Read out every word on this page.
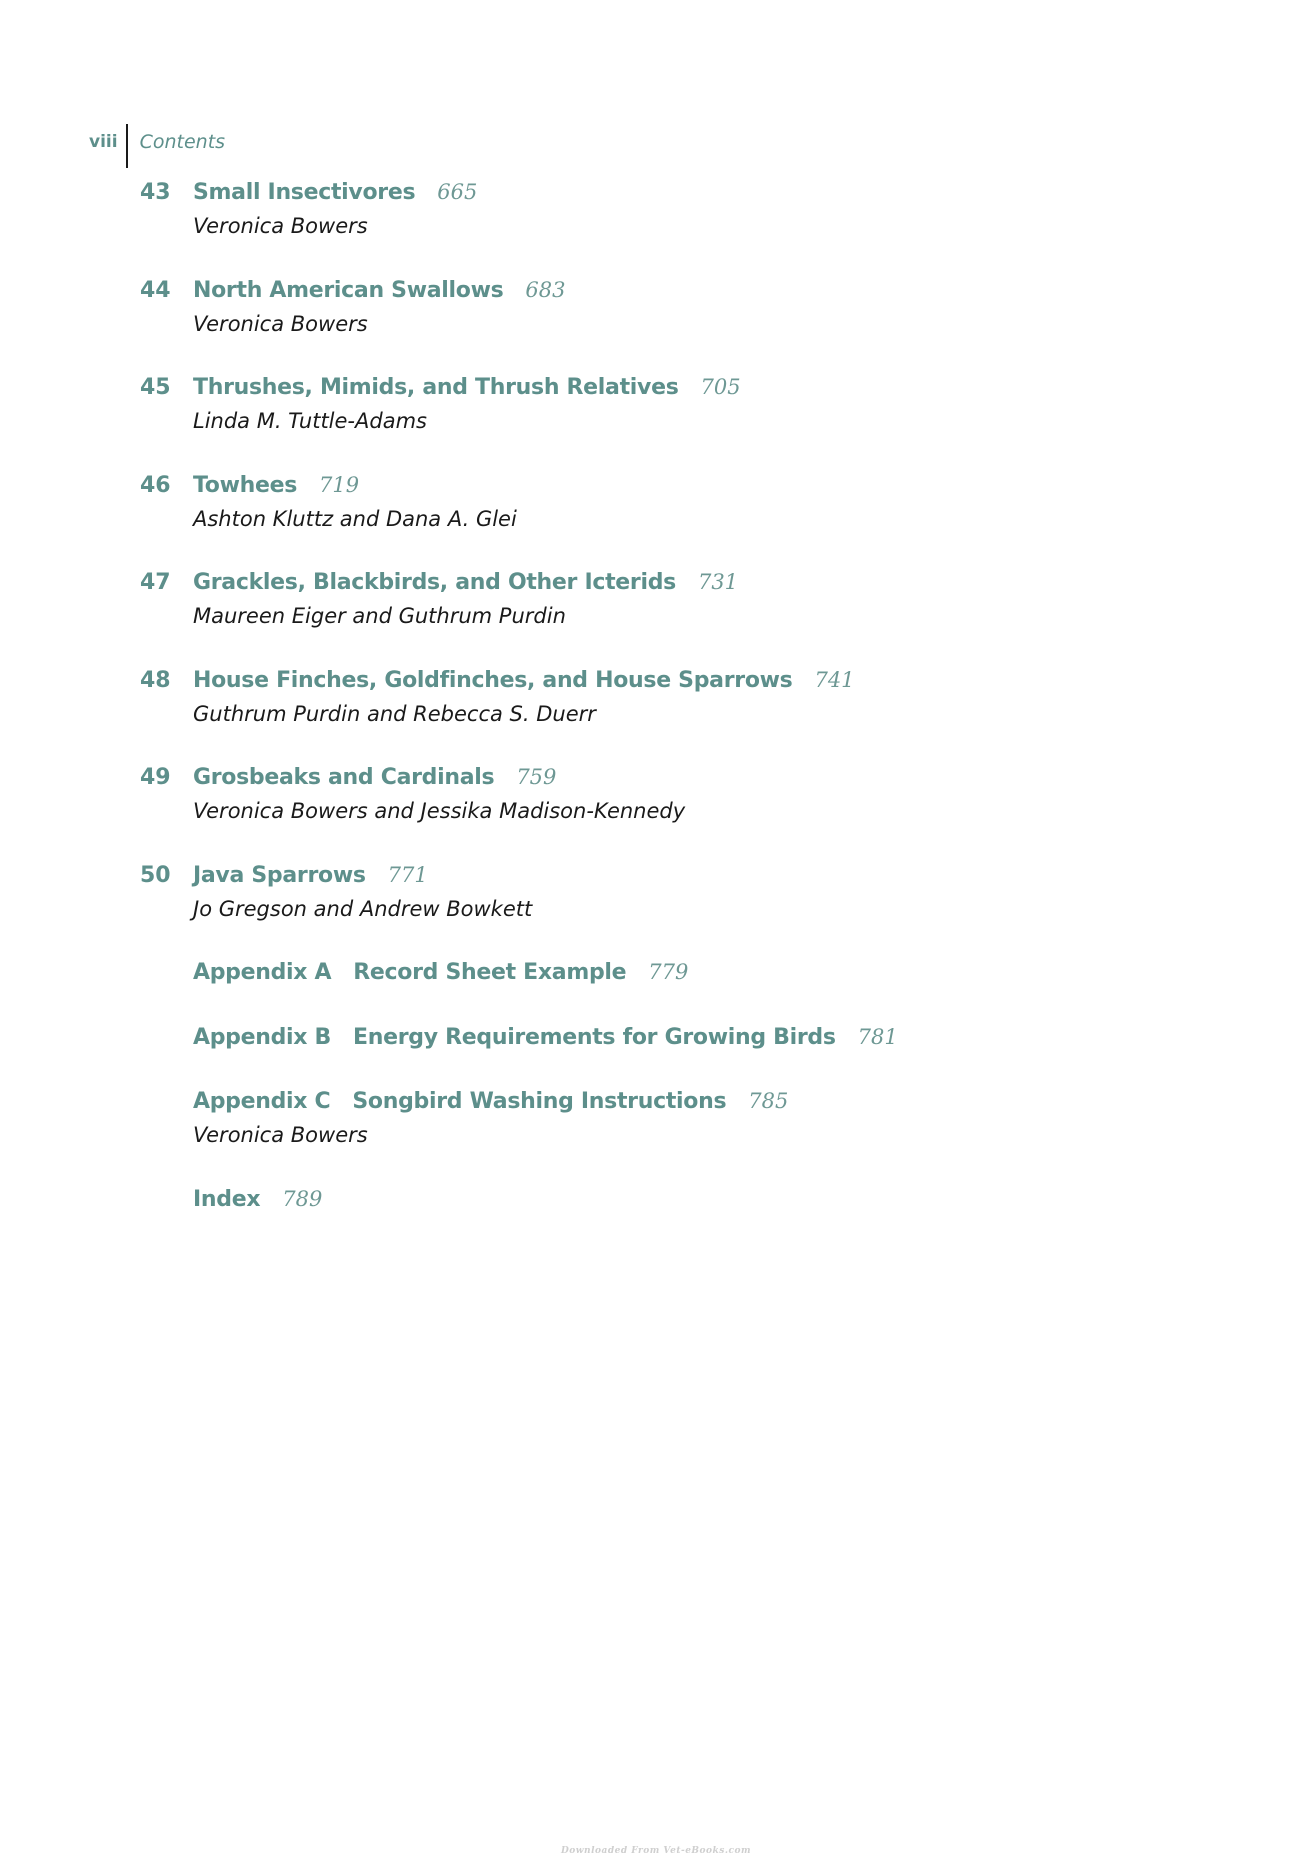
viii	Contents
43 Small Insectivores 665
Veronica Bowers
44 North American Swallows 683
Veronica Bowers
45 Thrushes, Mimids, and Thrush Relatives 705
Linda M. Tuttle-Adams
46 Towhees 719
Ashton Kluttz and Dana A. Glei
47 Grackles, Blackbirds, and Other Icterids 731
Maureen Eiger and Guthrum Purdin
48 House Finches, Goldfinches, and House Sparrows 741
Guthrum Purdin and Rebecca S. Duerr
49 Grosbeaks and Cardinals 759
Veronica Bowers and Jessika Madison-Kennedy
50 Java Sparrows 771
Jo Gregson and Andrew Bowkett
Appendix A Record Sheet Example 779
Appendix B Energy Requirements for Growing Birds 781
Appendix C Songbird Washing Instructions 785
Veronica Bowers
Index 789
Downloaded From Vet-eBooks.com
